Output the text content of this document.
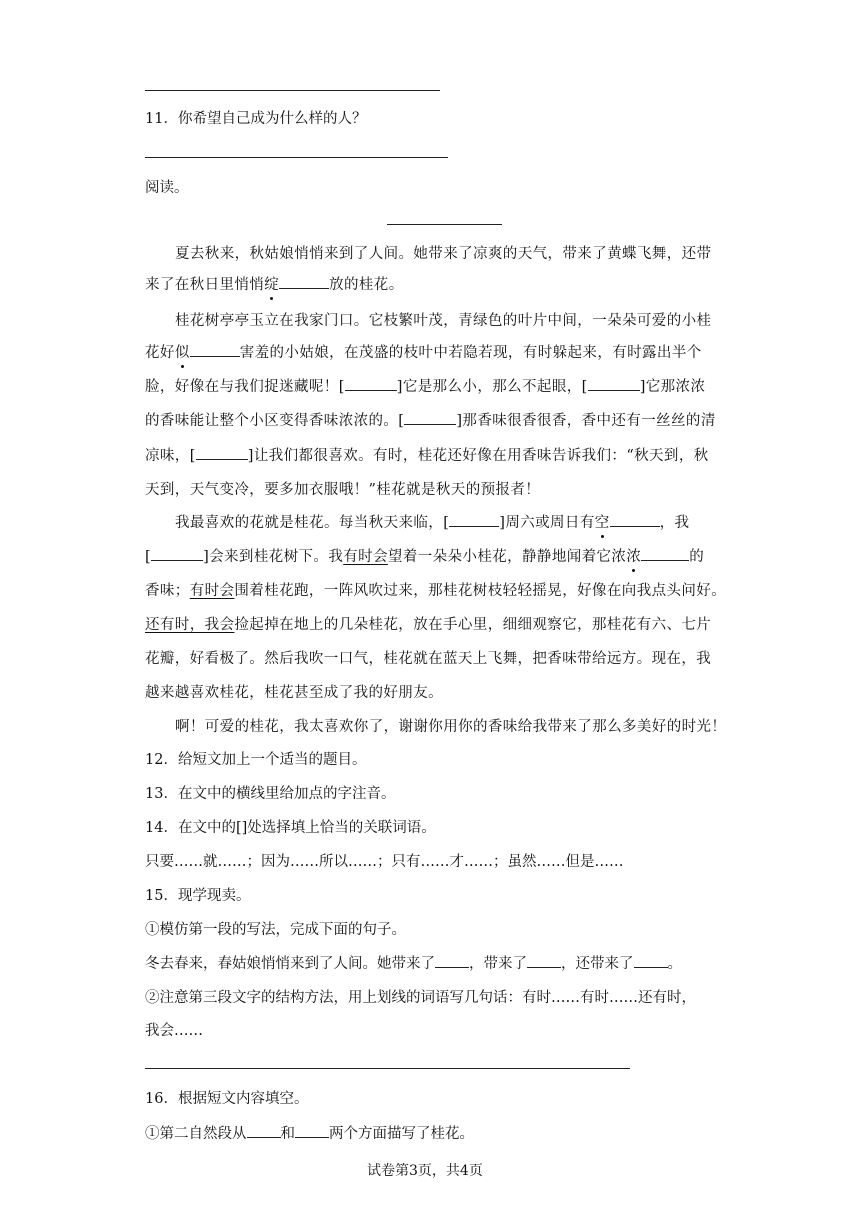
11．你希望自己成为什么样的人？
阅读。
夏去秋来，秋姑娘悄悄来到了人间。她带来了凉爽的天气，带来了黄蝶飞舞，还带
来了在秋日里悄悄绽	放的桂花。
桂花树亭亭玉立在我家门口。它枝繁叶茂，青绿色的叶片中间，一朵朵可爱的小桂
花好似	害羞的小姑娘，在茂盛的枝叶中若隐若现，有时躲起来，有时露出半个
脸，好像在与我们捉迷藏呢！[	]它是那么小，那么不起眼，[	]它那浓浓
的香味能让整个小区变得香味浓浓的。[	]那香味很香很香，香中还有一丝丝的清
凉味，[	]让我们都很喜欢。有时，桂花还好像在用香味告诉我们：“秋天到，秋
天到，天气变冷，要多加衣服哦！”桂花就是秋天的预报者！
我最喜欢的花就是桂花。每当秋天来临，[	]周六或周日有空	，我
[	]会来到桂花树下。我有时会望着一朵朵小桂花，静静地闻着它浓浓	的
香味；有时会围着桂花跑，一阵风吹过来，那桂花树枝轻轻摇晃，好像在向我点头问好。
还有时，我会捡起掉在地上的几朵桂花，放在手心里，细细观察它，那桂花有六、七片
花瓣，好看极了。然后我吹一口气，桂花就在蓝天上飞舞，把香味带给远方。现在，我
越来越喜欢桂花，桂花甚至成了我的好朋友。
啊！可爱的桂花，我太喜欢你了，谢谢你用你的香味给我带来了那么多美好的时光！
12．给短文加上一个适当的题目。
13．在文中的横线里给加点的字注音。
14．在文中的[]处选择填上恰当的关联词语。
只要……就……；因为……所以……；只有……才……；虽然……但是……
15．现学现卖。
①模仿第一段的写法，完成下面的句子。
冬去春来，春姑娘悄悄来到了人间。她带来了 ，带来了 ，还带来了 。
②注意第三段文字的结构方法，用上划线的词语写几句话：有时……有时……还有时，
我会……
16．根据短文内容填空。
①第二自然段从 和 两个方面描写了桂花。
试卷第3页，共4页
